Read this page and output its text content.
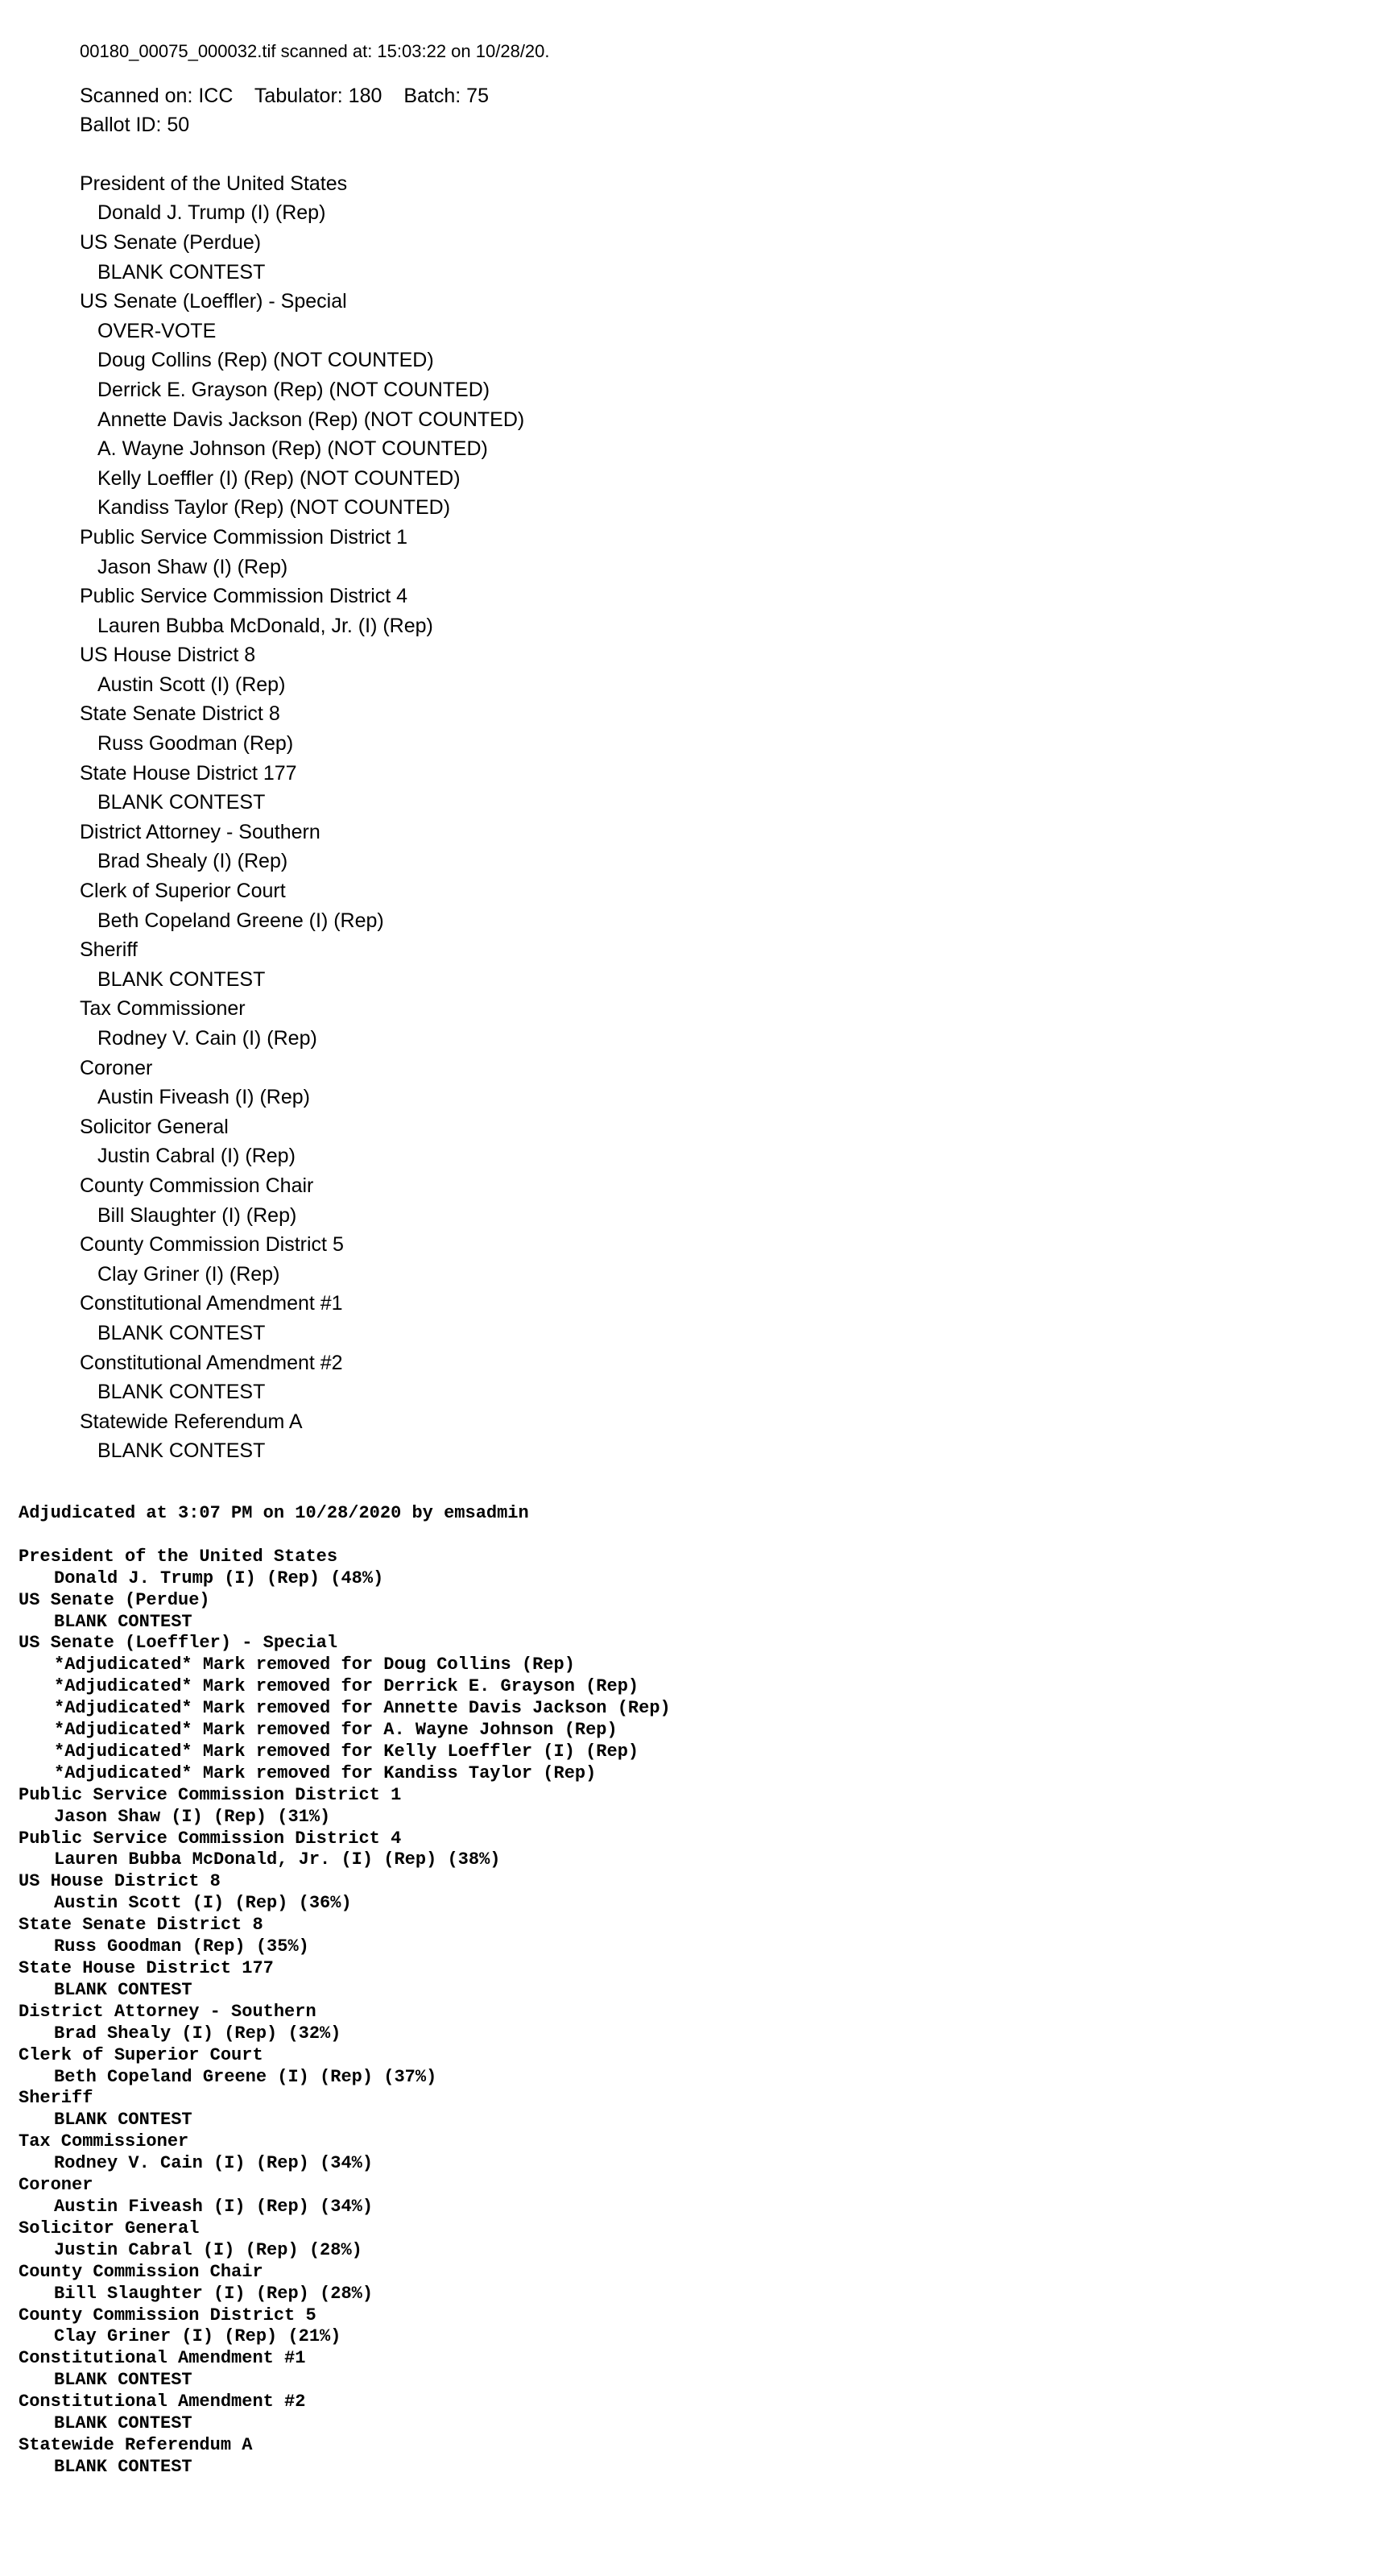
00180_00075_000032.tif scanned at: 15:03:22 on 10/28/20.
Scanned on: ICC Tabulator: 180 Batch: 75
Ballot ID: 50
President of the United States
Donald J. Trump (I) (Rep)
US Senate (Perdue)
BLANK CONTEST
US Senate (Loeffler) - Special
OVER-VOTE
Doug Collins (Rep) (NOT COUNTED)
Derrick E. Grayson (Rep) (NOT COUNTED)
Annette Davis Jackson (Rep) (NOT COUNTED)
A. Wayne Johnson (Rep) (NOT COUNTED)
Kelly Loeffler (I) (Rep) (NOT COUNTED)
Kandiss Taylor (Rep) (NOT COUNTED)
Public Service Commission District 1
Jason Shaw (I) (Rep)
Public Service Commission District 4
Lauren Bubba McDonald, Jr. (I) (Rep)
US House District 8
Austin Scott (I) (Rep)
State Senate District 8
Russ Goodman (Rep)
State House District 177
BLANK CONTEST
District Attorney - Southern
Brad Shealy (I) (Rep)
Clerk of Superior Court
Beth Copeland Greene (I) (Rep)
Sheriff
BLANK CONTEST
Tax Commissioner
Rodney V. Cain (I) (Rep)
Coroner
Austin Fiveash (I) (Rep)
Solicitor General
Justin Cabral (I) (Rep)
County Commission Chair
Bill Slaughter (I) (Rep)
County Commission District 5
Clay Griner (I) (Rep)
Constitutional Amendment #1
BLANK CONTEST
Constitutional Amendment #2
BLANK CONTEST
Statewide Referendum A
BLANK CONTEST
Adjudicated at 3:07 PM on 10/28/2020 by emsadmin
President of the United States
Donald J. Trump (I) (Rep) (48%)
US Senate (Perdue)
BLANK CONTEST
US Senate (Loeffler) - Special
*Adjudicated* Mark removed for Doug Collins (Rep)
*Adjudicated* Mark removed for Derrick E. Grayson (Rep)
*Adjudicated* Mark removed for Annette Davis Jackson (Rep)
*Adjudicated* Mark removed for A. Wayne Johnson (Rep)
*Adjudicated* Mark removed for Kelly Loeffler (I) (Rep)
*Adjudicated* Mark removed for Kandiss Taylor (Rep)
Public Service Commission District 1
Jason Shaw (I) (Rep) (31%)
Public Service Commission District 4
Lauren Bubba McDonald, Jr. (I) (Rep) (38%)
US House District 8
Austin Scott (I) (Rep) (36%)
State Senate District 8
Russ Goodman (Rep) (35%)
State House District 177
BLANK CONTEST
District Attorney - Southern
Brad Shealy (I) (Rep) (32%)
Clerk of Superior Court
Beth Copeland Greene (I) (Rep) (37%)
Sheriff
BLANK CONTEST
Tax Commissioner
Rodney V. Cain (I) (Rep) (34%)
Coroner
Austin Fiveash (I) (Rep) (34%)
Solicitor General
Justin Cabral (I) (Rep) (28%)
County Commission Chair
Bill Slaughter (I) (Rep) (28%)
County Commission District 5
Clay Griner (I) (Rep) (21%)
Constitutional Amendment #1
BLANK CONTEST
Constitutional Amendment #2
BLANK CONTEST
Statewide Referendum A
BLANK CONTEST
